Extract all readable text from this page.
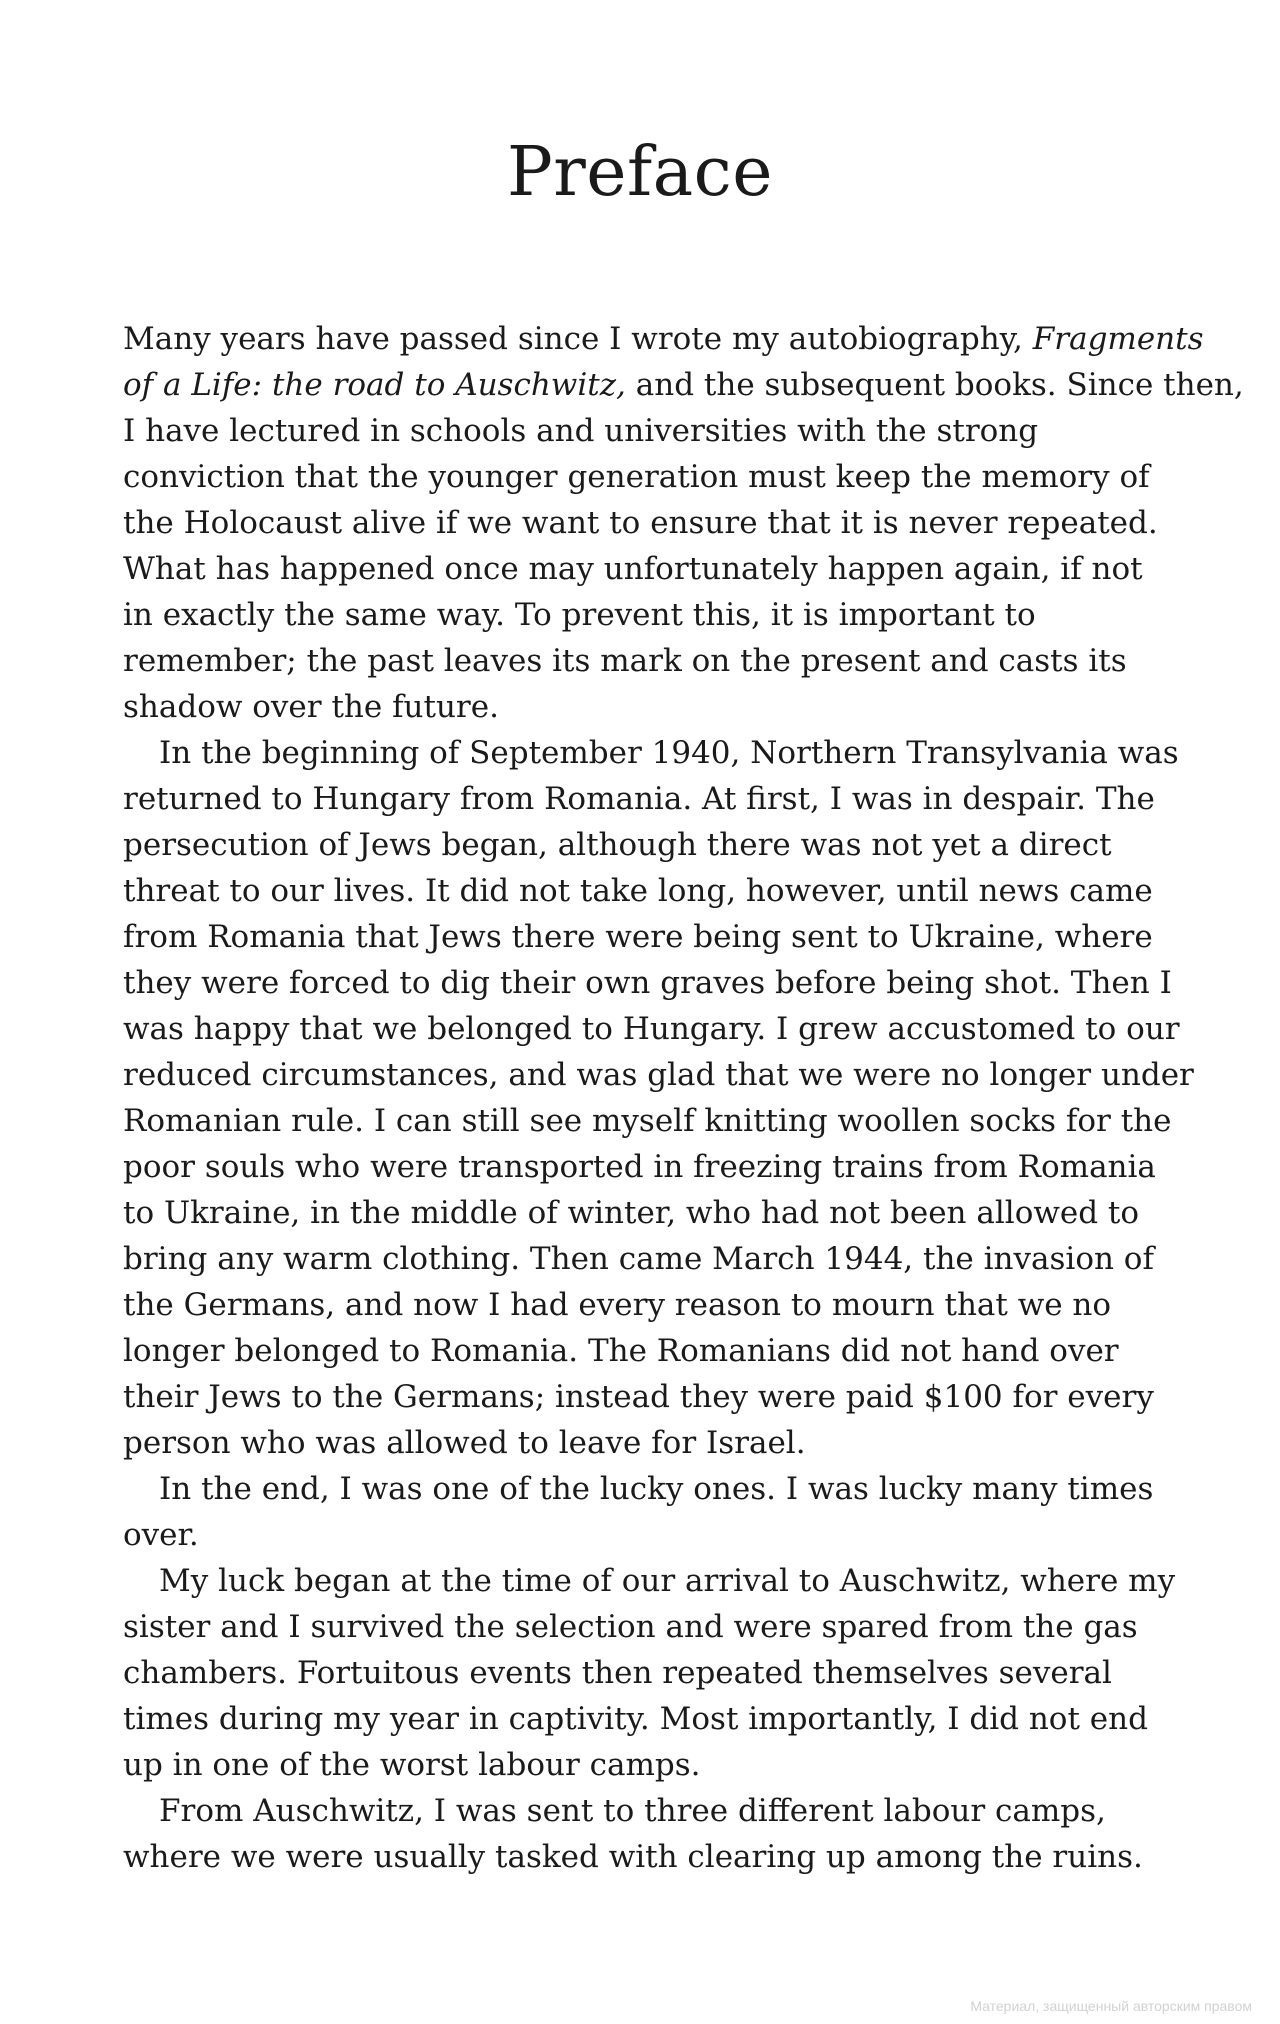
Preface

Many years have passed since I wrote my autobiography, Fragments
of a Life: the road to Auschwitz, and the subsequent books. Since then,
I have lectured in schools and universities with the strong
conviction that the younger generation must keep the memory of
the Holocaust alive if we want to ensure that it is never repeated.
What has happened once may unfortunately happen again, if not
in exactly the same way. To prevent this, it is important to
remember; the past leaves its mark on the present and casts its
shadow over the future.

In the beginning of September 1940, Northern Transylvania was
returned to Hungary from Romania. At first, I was in despair. The
persecution of Jews began, although there was not yet a direct
threat to our lives. It did not take long, however, until news came
from Romania that Jews there were being sent to Ukraine, where
they were forced to dig their own graves before being shot. Then I
was happy that we belonged to Hungary. I grew accustomed to our
reduced circumstances, and was glad that we were no longer under
Romanian rule. I can still see myself knitting woollen socks for the
poor souls who were transported in freezing trains from Romania
to Ukraine, in the middle of winter, who had not been allowed to
bring any warm clothing. Then came March 1944, the invasion of
the Germans, and now I had every reason to mourn that we no
longer belonged to Romania. The Romanians did not hand over
their Jews to the Germans; instead they were paid $100 for every
person who was allowed to leave for Israel.

In the end, I was one of the lucky ones. I was lucky many times
over.

My luck began at the time of our arrival to Auschwitz, where my
sister and I survived the selection and were spared from the gas
chambers. Fortuitous events then repeated themselves several
times during my year in captivity. Most importantly, I did not end
up in one of the worst labour camps.

From Auschwitz, I was sent to three different labour camps,
where we were usually tasked with clearing up among the ruins.

Материал, защищенный авторским правом
